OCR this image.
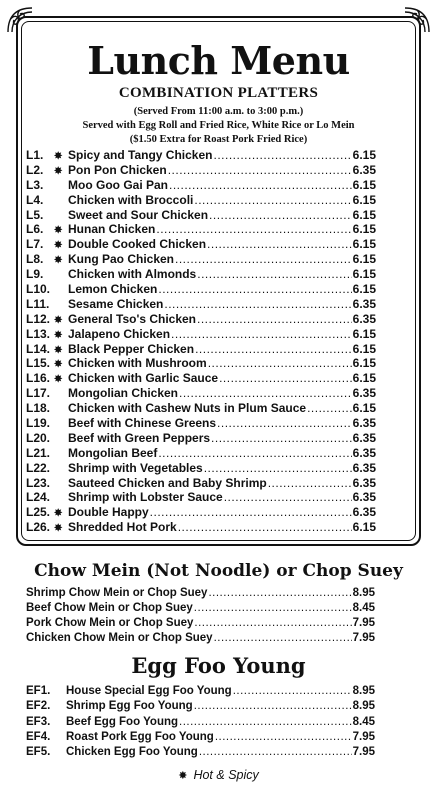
Lunch Menu
COMBINATION PLATTERS
(Served From 11:00 a.m. to 3:00 p.m.)
Served with Egg Roll and Fried Rice, White Rice or Lo Mein
($1.50 Extra for Roast Pork Fried Rice)
L1.	✸ Spicy and Tangy Chicken .....	6.15
L2.	✸ Pon Pon Chicken .....	6.35
L3.	Moo Goo Gai Pan .....	6.15
L4.	Chicken with Broccoli .....	6.15
L5.	Sweet and Sour Chicken .....	6.15
L6.	✸ Hunan Chicken .....	6.15
L7.	✸ Double Cooked Chicken .....	6.15
L8.	✸ Kung Pao Chicken .....	6.15
L9.	Chicken with Almonds .....	6.15
L10.	Lemon Chicken .....	6.15
L11.	Sesame Chicken .....	6.35
L12. ✸ General Tso's Chicken .....	6.35
L13. ✸ Jalapeno Chicken .....	6.15
L14. ✸ Black Pepper Chicken .....	6.15
L15. ✸ Chicken with Mushroom .....	6.15
L16. ✸ Chicken with Garlic Sauce .....	6.15
L17.	Mongolian Chicken .....	6.35
L18.	Chicken with Cashew Nuts in Plum Sauce .....	6.15
L19.	Beef with Chinese Greens .....	6.35
L20.	Beef with Green Peppers .....	6.35
L21.	Mongolian Beef .....	6.35
L22.	Shrimp with Vegetables .....	6.35
L23.	Sauteed Chicken and Baby Shrimp .....	6.35
L24.	Shrimp with Lobster Sauce .....	6.35
L25. ✸ Double Happy .....	6.35
L26. ✸ Shredded Hot Pork .....	6.15
Chow Mein (Not Noodle) or Chop Suey
Shrimp Chow Mein or Chop Suey .....	8.95
Beef Chow Mein or Chop Suey .....	8.45
Pork Chow Mein or Chop Suey .....	7.95
Chicken Chow Mein or Chop Suey .....	7.95
Egg Foo Young
EF1.	House Special Egg Foo Young .....	8.95
EF2.	Shrimp Egg Foo Young .....	8.95
EF3.	Beef Egg Foo Young .....	8.45
EF4.	Roast Pork Egg Foo Young .....	7.95
EF5.	Chicken Egg Foo Young .....	7.95
✸ Hot & Spicy
